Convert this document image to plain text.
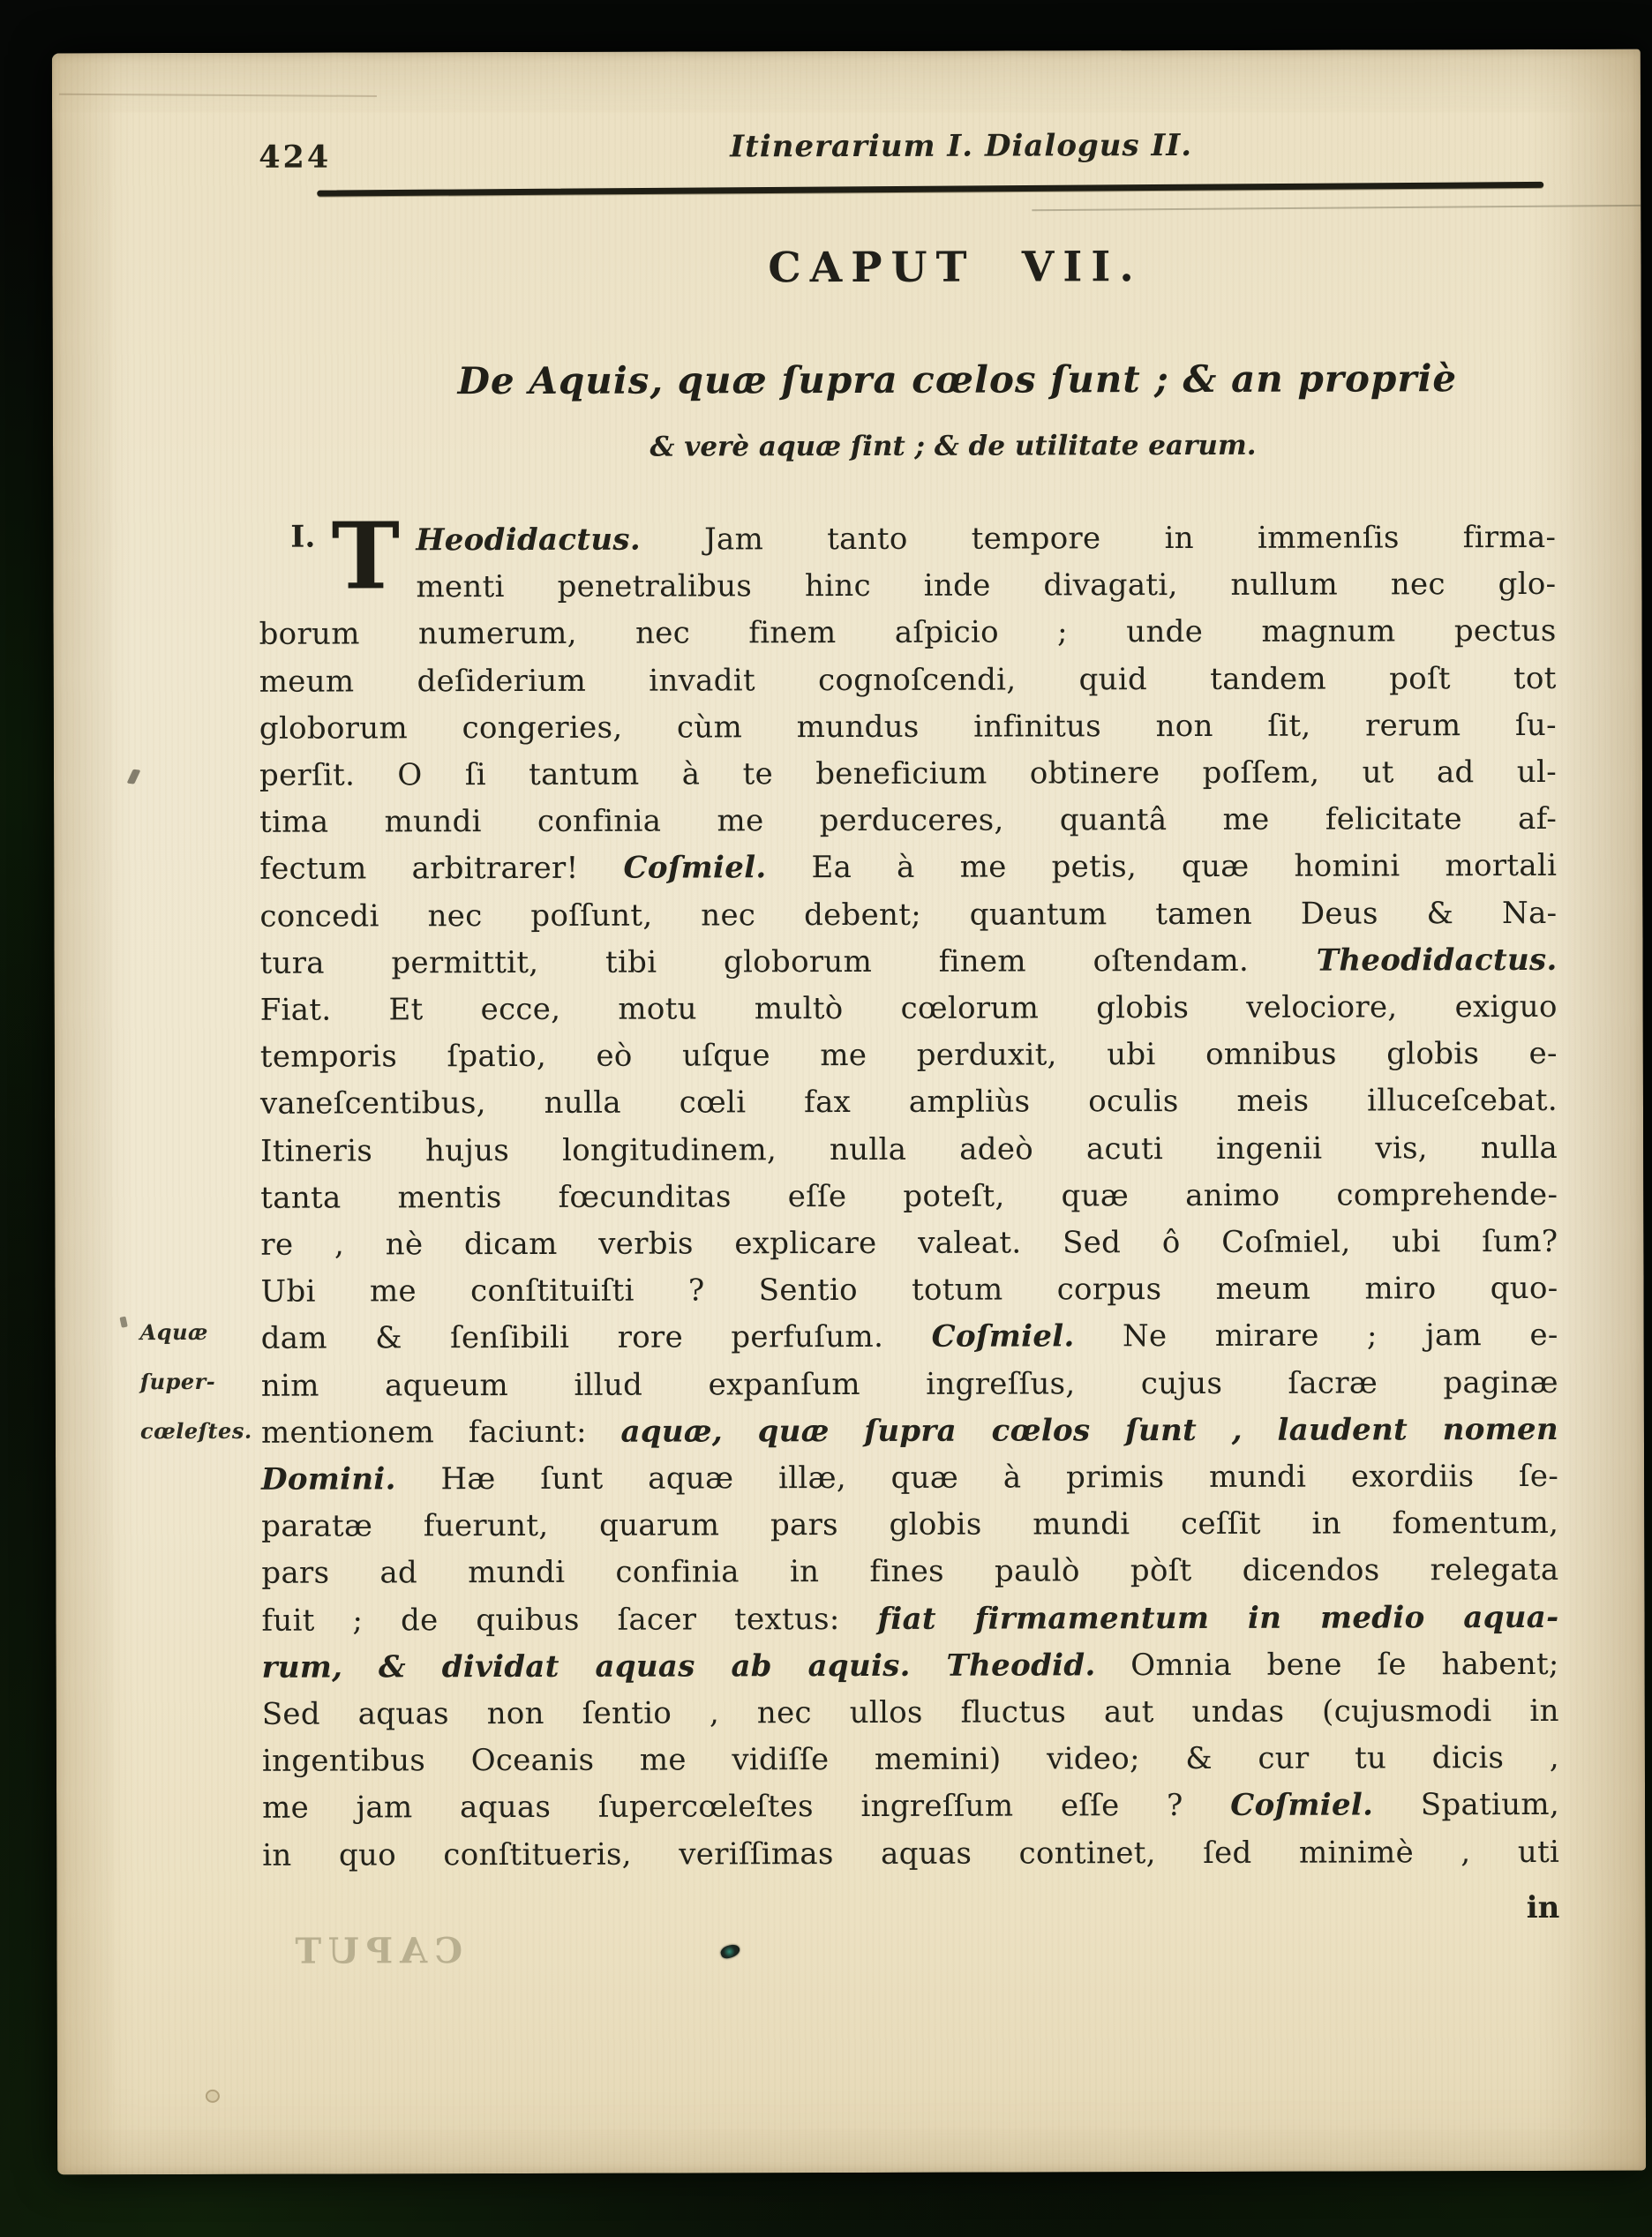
424	Itinerarium I. Dialogus II.
CAPUT VII.
De Aquis, quæ ſupra cœlos ſunt ; & an propriè
& verè aquæ ſint ; & de utilitate earum.
I. T Heodidactus. Jam tanto tempore in immenſis firma-
menti penetralibus hinc inde divagati, nullum nec glo-
borum numerum, nec finem aſpicio ; unde magnum pectus
meum deſiderium invadit cognoſcendi, quid tandem poſt tot
globorum congeries, cùm mundus infinitus non ſit, rerum ſu-
perſit. O ſi tantum à te beneficium obtinere poſſem, ut ad ul-
tima mundi confinia me perduceres, quantâ me felicitate af-
fectum arbitrarer! Coſmiel. Ea à me petis, quæ homini mortali
concedi nec poſſunt, nec debent; quantum tamen Deus & Na-
tura permittit, tibi globorum finem oſtendam. Theodidactus.
Fiat. Et ecce, motu multò cœlorum globis velociore, exiguo
temporis ſpatio, eò uſque me perduxit, ubi omnibus globis e-
vaneſcentibus, nulla cœli fax ampliùs oculis meis illuceſcebat.
Itineris hujus longitudinem, nulla adeò acuti ingenii vis, nulla
tanta mentis fœcunditas eſſe poteſt, quæ animo comprehende-
re , nè dicam verbis explicare valeat. Sed ô Coſmiel, ubi ſum?
Ubi me conſtituiſti ? Sentio totum corpus meum miro quo-
dam & ſenſibili rore perfuſum. Coſmiel. Ne mirare ; jam e-
nim aqueum illud expanſum ingreſſus, cujus ſacræ paginæ
mentionem faciunt: aquæ, quæ ſupra cœlos ſunt , laudent nomen
Domini. Hæ ſunt aquæ illæ, quæ à primis mundi exordiis ſe-
paratæ fuerunt, quarum pars globis mundi ceſſit in fomentum,
pars ad mundi confinia in fines paulò pòſt dicendos relegata
fuit ; de quibus ſacer textus: fiat firmamentum in medio aqua-
rum, & dividat aquas ab aquis. Theodid. Omnia bene ſe habent;
Sed aquas non ſentio , nec ullos fluctus aut undas (cujusmodi in
ingentibus Oceanis me vidiſſe memini) video; & cur tu dicis ,
me jam aquas ſupercœleſtes ingreſſum eſſe ? Coſmiel. Spatium,
in quo conſtitueris, veriſſimas aquas continet, ſed minimè , uti
Aquæ ſuper-
cœleſtes.
in
CAPUT
